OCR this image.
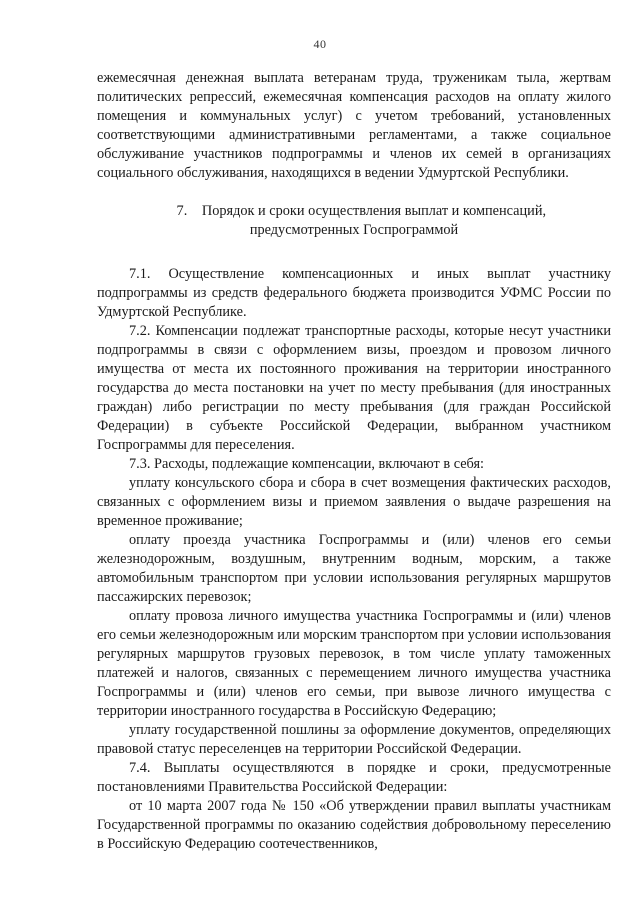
40

ежемесячная денежная выплата ветеранам труда, труженикам тыла, жертвам политических репрессий, ежемесячная компенсация расходов на оплату жилого помещения и коммунальных услуг) с учетом требований, установленных соответствующими административными регламентами, а также социальное обслуживание участников подпрограммы и членов их семей в организациях социального обслуживания, находящихся в ведении Удмуртской Республики.

7. Порядок и сроки осуществления выплат и компенсаций,
предусмотренных Госпрограммой

7.1. Осуществление компенсационных и иных выплат участнику подпрограммы из средств федерального бюджета производится УФМС России по Удмуртской Республике.

7.2. Компенсации подлежат транспортные расходы, которые несут участники подпрограммы в связи с оформлением визы, проездом и провозом личного имущества от места их постоянного проживания на территории иностранного государства до места постановки на учет по месту пребывания (для иностранных граждан) либо регистрации по месту пребывания (для граждан Российской Федерации) в субъекте Российской Федерации, выбранном участником Госпрограммы для переселения.

7.3. Расходы, подлежащие компенсации, включают в себя:

уплату консульского сбора и сбора в счет возмещения фактических расходов, связанных с оформлением визы и приемом заявления о выдаче разрешения на временное проживание;

оплату проезда участника Госпрограммы и (или) членов его семьи железнодорожным, воздушным, внутренним водным, морским, а также автомобильным транспортом при условии использования регулярных маршрутов пассажирских перевозок;

оплату провоза личного имущества участника Госпрограммы и (или) членов его семьи железнодорожным или морским транспортом при условии использования регулярных маршрутов грузовых перевозок, в том числе уплату таможенных платежей и налогов, связанных с перемещением личного имущества участника Госпрограммы и (или) членов его семьи, при вывозе личного имущества с территории иностранного государства в Российскую Федерацию;

уплату государственной пошлины за оформление документов, определяющих правовой статус переселенцев на территории Российской Федерации.

7.4. Выплаты осуществляются в порядке и сроки, предусмотренные постановлениями Правительства Российской Федерации:

от 10 марта 2007 года № 150 «Об утверждении правил выплаты участникам Государственной программы по оказанию содействия добровольному переселению в Российскую Федерацию соотечественников,
